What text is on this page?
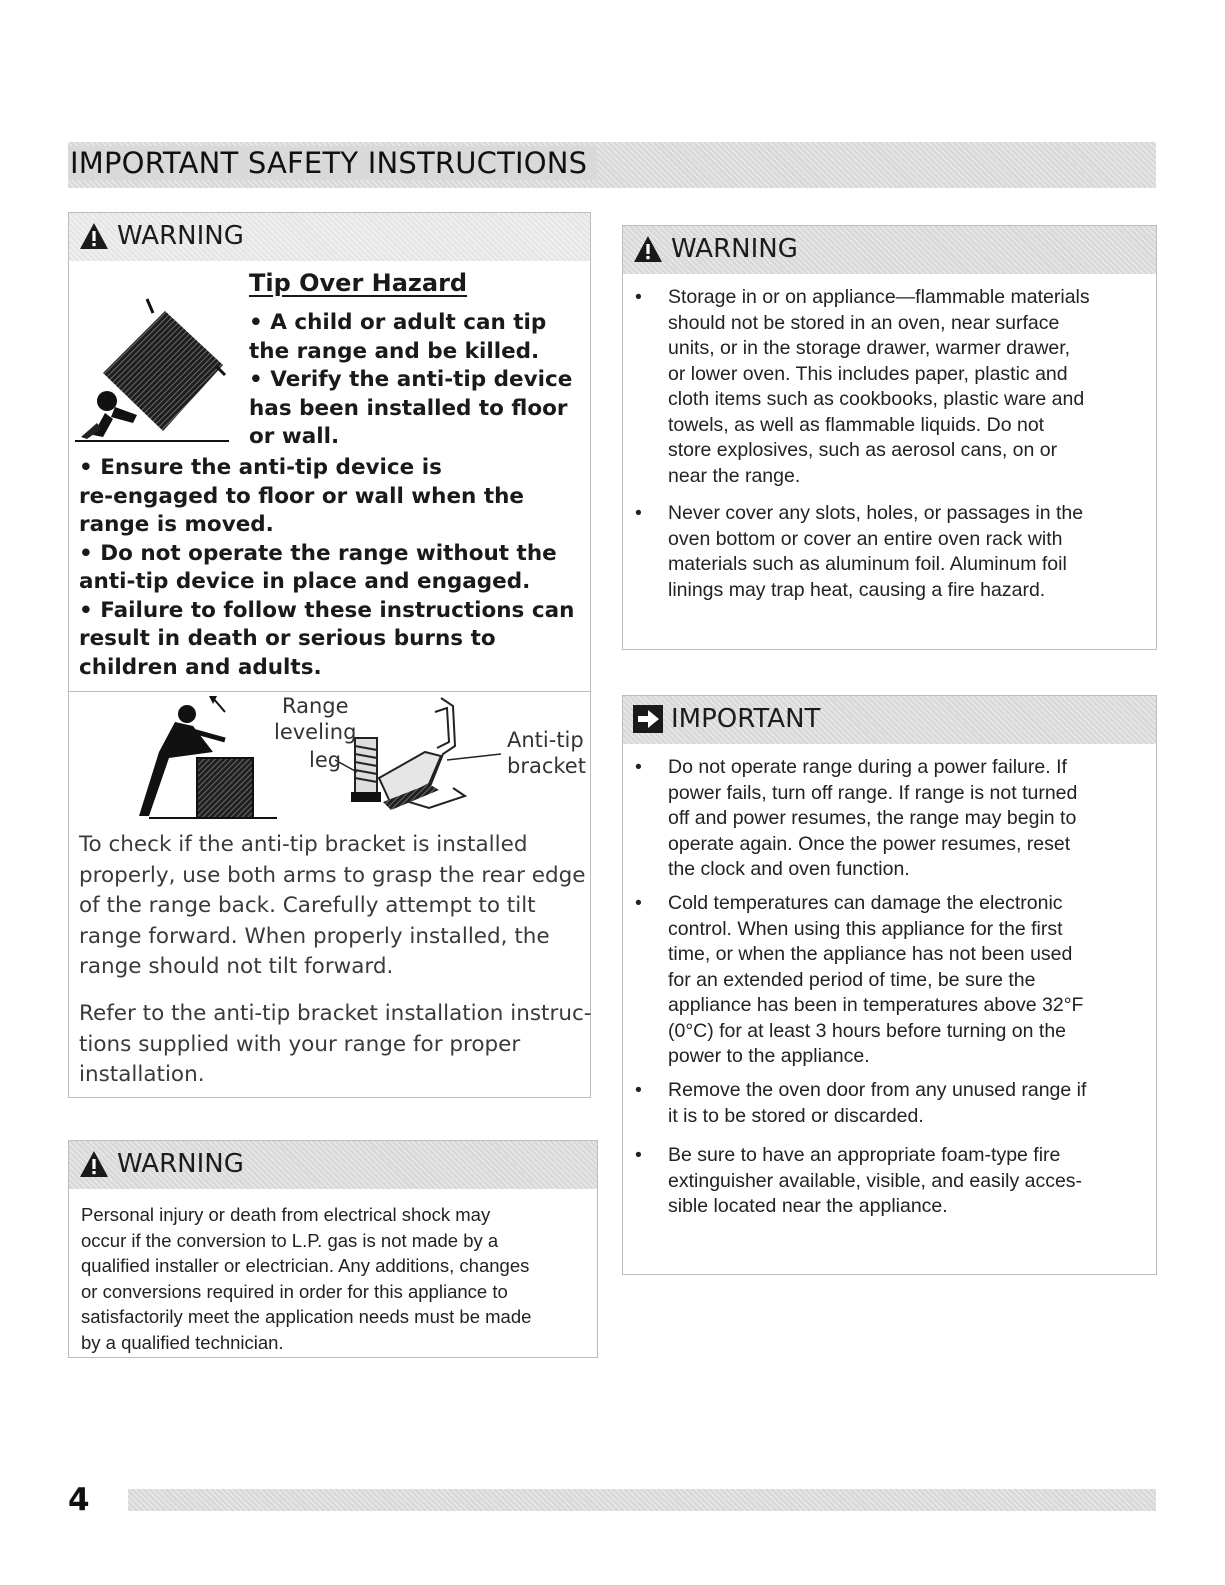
IMPORTANT SAFETY INSTRUCTIONS
WARNING
Tip Over Hazard
• A child or adult can tip
the range and be killed.
• Verify the anti-tip device
has been installed to floor
or wall.
• Ensure the anti-tip device is
re-engaged to floor or wall when the
range is moved.
• Do not operate the range without the
anti-tip device in place and engaged.
• Failure to follow these instructions can
result in death or serious burns to
children and adults.
Range
leveling
leg
Anti-tip
bracket
To check if the anti-tip bracket is installed
properly, use both arms to grasp the rear edge
of the range back. Carefully attempt to tilt
range forward. When properly installed, the
range should not tilt forward.
Refer to the anti-tip bracket installation instruc-
tions supplied with your range for proper
installation.
WARNING
Personal injury or death from electrical shock may
occur if the conversion to L.P. gas is not made by a
qualified installer or electrician. Any additions, changes
or conversions required in order for this appliance to
satisfactorily meet the application needs must be made
by a qualified technician.
WARNING
• Storage in or on appliance—flammable materials
should not be stored in an oven, near surface
units, or in the storage drawer, warmer drawer,
or lower oven. This includes paper, plastic and
cloth items such as cookbooks, plastic ware and
towels, as well as flammable liquids. Do not
store explosives, such as aerosol cans, on or
near the range.
• Never cover any slots, holes, or passages in the
oven bottom or cover an entire oven rack with
materials such as aluminum foil. Aluminum foil
linings may trap heat, causing a fire hazard.
IMPORTANT
• Do not operate range during a power failure. If
power fails, turn off range. If range is not turned
off and power resumes, the range may begin to
operate again. Once the power resumes, reset
the clock and oven function.
• Cold temperatures can damage the electronic
control. When using this appliance for the first
time, or when the appliance has not been used
for an extended period of time, be sure the
appliance has been in temperatures above 32°F
(0°C) for at least 3 hours before turning on the
power to the appliance.
• Remove the oven door from any unused range if
it is to be stored or discarded.
• Be sure to have an appropriate foam-type fire
extinguisher available, visible, and easily acces-
sible located near the appliance.
4
